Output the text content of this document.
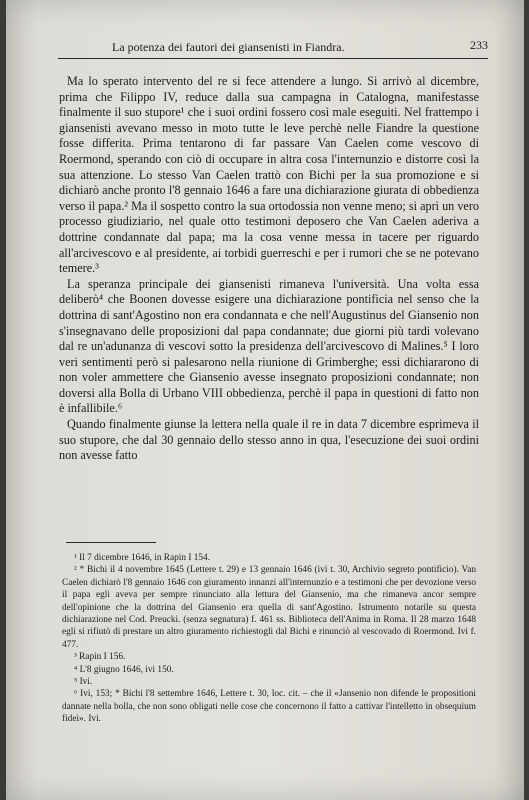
La potenza dei fautori dei giansenisti in Fiandra.	233

Ma lo sperato intervento del re si fece attendere a lungo. Si arrivò al dicembre, prima che Filippo IV, reduce dalla sua campagna in Catalogna, manifestasse finalmente il suo stupore¹ che i suoi ordini fossero così male eseguiti. Nel frattempo i giansenisti avevano messo in moto tutte le leve perchè nelle Fiandre la questione fosse differita. Prima tentarono di far passare Van Caelen come vescovo di Roermond, sperando con ciò di occupare in altra cosa l'internunzio e distorre così la sua attenzione. Lo stesso Van Caelen trattò con Bichi per la sua promozione e si dichiarò anche pronto l'8 gennaio 1646 a fare una dichiarazione giurata di obbedienza verso il papa.² Ma il sospetto contro la sua ortodossia non venne meno; si aprì un vero processo giudiziario, nel quale otto testimoni deposero che Van Caelen aderiva a dottrine condannate dal papa; ma la cosa venne messa in tacere per riguardo all'arcivescovo e al presidente, ai torbidi guerreschi e per i rumori che se ne potevano temere.³

La speranza principale dei giansenisti rimaneva l'università. Una volta essa deliberò⁴ che Boonen dovesse esigere una dichiarazione pontificia nel senso che la dottrina di sant'Agostino non era condannata e che nell'Augustinus del Giansenio non s'insegnavano delle proposizioni dal papa condannate; due giorni più tardi volevano dal re un'adunanza di vescovi sotto la presidenza dell'arcivescovo di Malines.⁵ I loro veri sentimenti però si palesarono nella riunione di Grimberghe; essi dichiararono di non voler ammettere che Giansenio avesse insegnato proposizioni condannate; non doversi alla Bolla di Urbano VIII obbedienza, perchè il papa in questioni di fatto non è infallibile.⁶

Quando finalmente giunse la lettera nella quale il re in data 7 dicembre esprimeva il suo stupore, che dal 30 gennaio dello stesso anno in qua, l'esecuzione dei suoi ordini non avesse fatto

¹ Il 7 dicembre 1646, in Rapin I 154.

² * Bichi il 4 novembre 1645 (Lettere t. 29) e 13 gennaio 1646 (ivi t. 30, Archivio segreto pontificio). Van Caelen dichiarò l'8 gennaio 1646 con giuramento innanzi all'internunzio e a testimoni che per devozione verso il papa egli aveva per sempre rinunciato alla lettura del Giansenio, ma che rimaneva ancor sempre dell'opinione che la dottrina del Giansenio era quella di sant'Agostino. Istrumento notarile su questa dichiarazione nel Cod. Preucki. (senza segnatura) f. 461 ss. Biblioteca dell'Anima in Roma. Il 28 marzo 1648 egli si rifiutò di prestare un altro giuramento richiestogli dal Bichi e rinunciò al vescovado di Roermond. Ivi f. 477.

³ Rapin I 156.

⁴ L'8 giugno 1646, ivi 150.

⁵ Ivi.

⁶ Ivi, 153; * Bichi l'8 settembre 1646, Lettere t. 30, loc. cit. – che il «Jansenio non difende le propositioni dannate nella bolla, che non sono obligati nelle cose che concernono il fatto a cattivar l'intelletto in obsequium fidei». Ivi.
